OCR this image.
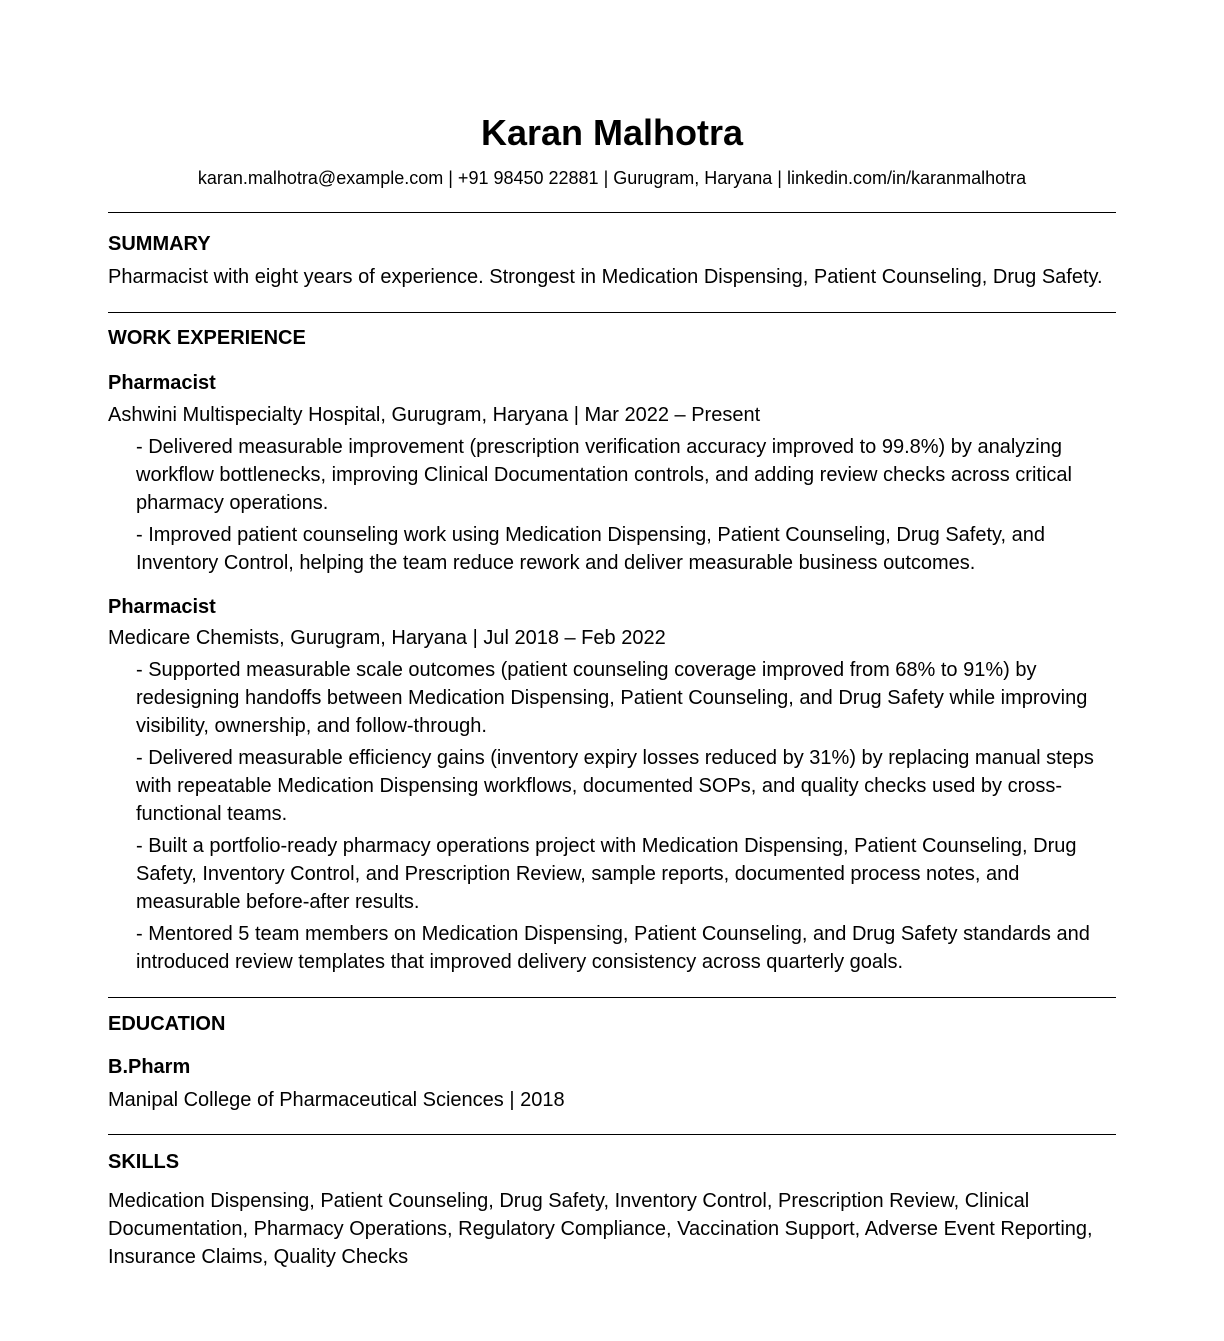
Karan Malhotra
karan.malhotra@example.com | +91 98450 22881 | Gurugram, Haryana | linkedin.com/in/karanmalhotra
SUMMARY
Pharmacist with eight years of experience. Strongest in Medication Dispensing, Patient Counseling, Drug Safety.
WORK EXPERIENCE
Pharmacist
Ashwini Multispecialty Hospital, Gurugram, Haryana | Mar 2022 – Present
- Delivered measurable improvement (prescription verification accuracy improved to 99.8%) by analyzing workflow bottlenecks, improving Clinical Documentation controls, and adding review checks across critical pharmacy operations.
- Improved patient counseling work using Medication Dispensing, Patient Counseling, Drug Safety, and Inventory Control, helping the team reduce rework and deliver measurable business outcomes.
Pharmacist
Medicare Chemists, Gurugram, Haryana | Jul 2018 – Feb 2022
- Supported measurable scale outcomes (patient counseling coverage improved from 68% to 91%) by redesigning handoffs between Medication Dispensing, Patient Counseling, and Drug Safety while improving visibility, ownership, and follow-through.
- Delivered measurable efficiency gains (inventory expiry losses reduced by 31%) by replacing manual steps with repeatable Medication Dispensing workflows, documented SOPs, and quality checks used by cross-functional teams.
- Built a portfolio-ready pharmacy operations project with Medication Dispensing, Patient Counseling, Drug Safety, Inventory Control, and Prescription Review, sample reports, documented process notes, and measurable before-after results.
- Mentored 5 team members on Medication Dispensing, Patient Counseling, and Drug Safety standards and introduced review templates that improved delivery consistency across quarterly goals.
EDUCATION
B.Pharm
Manipal College of Pharmaceutical Sciences | 2018
SKILLS
Medication Dispensing, Patient Counseling, Drug Safety, Inventory Control, Prescription Review, Clinical Documentation, Pharmacy Operations, Regulatory Compliance, Vaccination Support, Adverse Event Reporting, Insurance Claims, Quality Checks
